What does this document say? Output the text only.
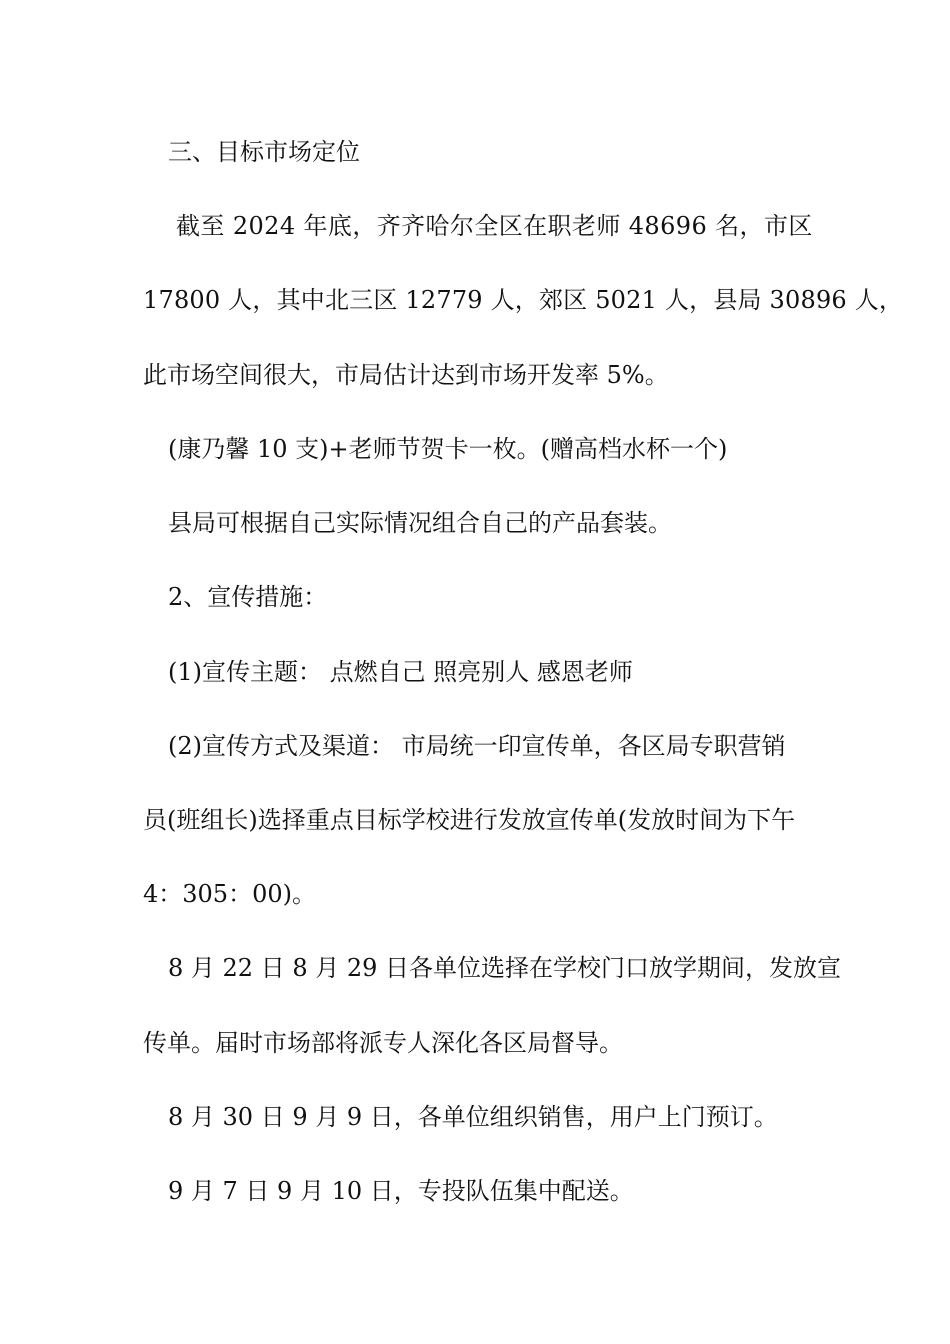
三、目标市场定位
截至 2024 年底，齐齐哈尔全区在职老师 48696 名，市区
17800 人，其中北三区 12779 人，郊区 5021 人，县局 30896 人，
此市场空间很大，市局估计达到市场开发率 5%。
(康乃馨 10 支)+老师节贺卡一枚。(赠高档水杯一个)
县局可根据自己实际情况组合自己的产品套装。
2、宣传措施：
(1)宣传主题： 点燃自己 照亮别人 感恩老师
(2)宣传方式及渠道： 市局统一印宣传单，各区局专职营销
员(班组长)选择重点目标学校进行发放宣传单(发放时间为下午
4：305：00)。
8 月 22 日 8 月 29 日各单位选择在学校门口放学期间，发放宣
传单。届时市场部将派专人深化各区局督导。
8 月 30 日 9 月 9 日，各单位组织销售，用户上门预订。
9 月 7 日 9 月 10 日，专投队伍集中配送。
